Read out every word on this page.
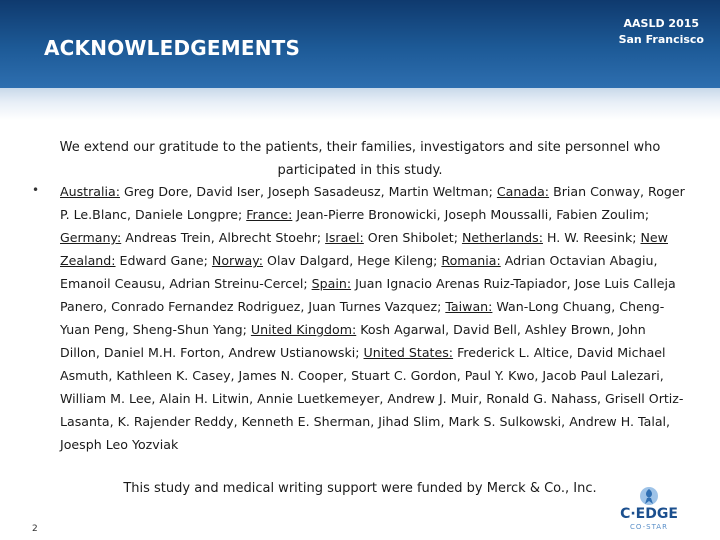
ACKNOWLEDGEMENTS
AASLD 2015
San Francisco
We extend our gratitude to the patients, their families, investigators and site personnel who participated in this study.
• Australia: Greg Dore, David Iser, Joseph Sasadeusz, Martin Weltman; Canada: Brian Conway, Roger P. Le.Blanc, Daniele Longpre; France: Jean-Pierre Bronowicki, Joseph Moussalli, Fabien Zoulim; Germany: Andreas Trein, Albrecht Stoehr; Israel: Oren Shibolet; Netherlands: H. W. Reesink; New Zealand: Edward Gane; Norway: Olav Dalgard, Hege Kileng; Romania: Adrian Octavian Abagiu, Emanoil Ceausu, Adrian Streinu-Cercel; Spain: Juan Ignacio Arenas Ruiz-Tapiador, Jose Luis Calleja Panero, Conrado Fernandez Rodriguez, Juan Turnes Vazquez; Taiwan: Wan-Long Chuang, Cheng-Yuan Peng, Sheng-Shun Yang; United Kingdom: Kosh Agarwal, David Bell, Ashley Brown, John Dillon, Daniel M.H. Forton, Andrew Ustianowski; United States: Frederick L. Altice, David Michael Asmuth, Kathleen K. Casey, James N. Cooper, Stuart C. Gordon, Paul Y. Kwo, Jacob Paul Lalezari, William M. Lee, Alain H. Litwin, Annie Luetkemeyer, Andrew J. Muir, Ronald G. Nahass, Grisell Ortiz-Lasanta, K. Rajender Reddy, Kenneth E. Sherman, Jihad Slim, Mark S. Sulkowski, Andrew H. Talal, Joesph Leo Yozviak

This study and medical writing support were funded by Merck & Co., Inc.
2
C·EDGE
CO-STAR
